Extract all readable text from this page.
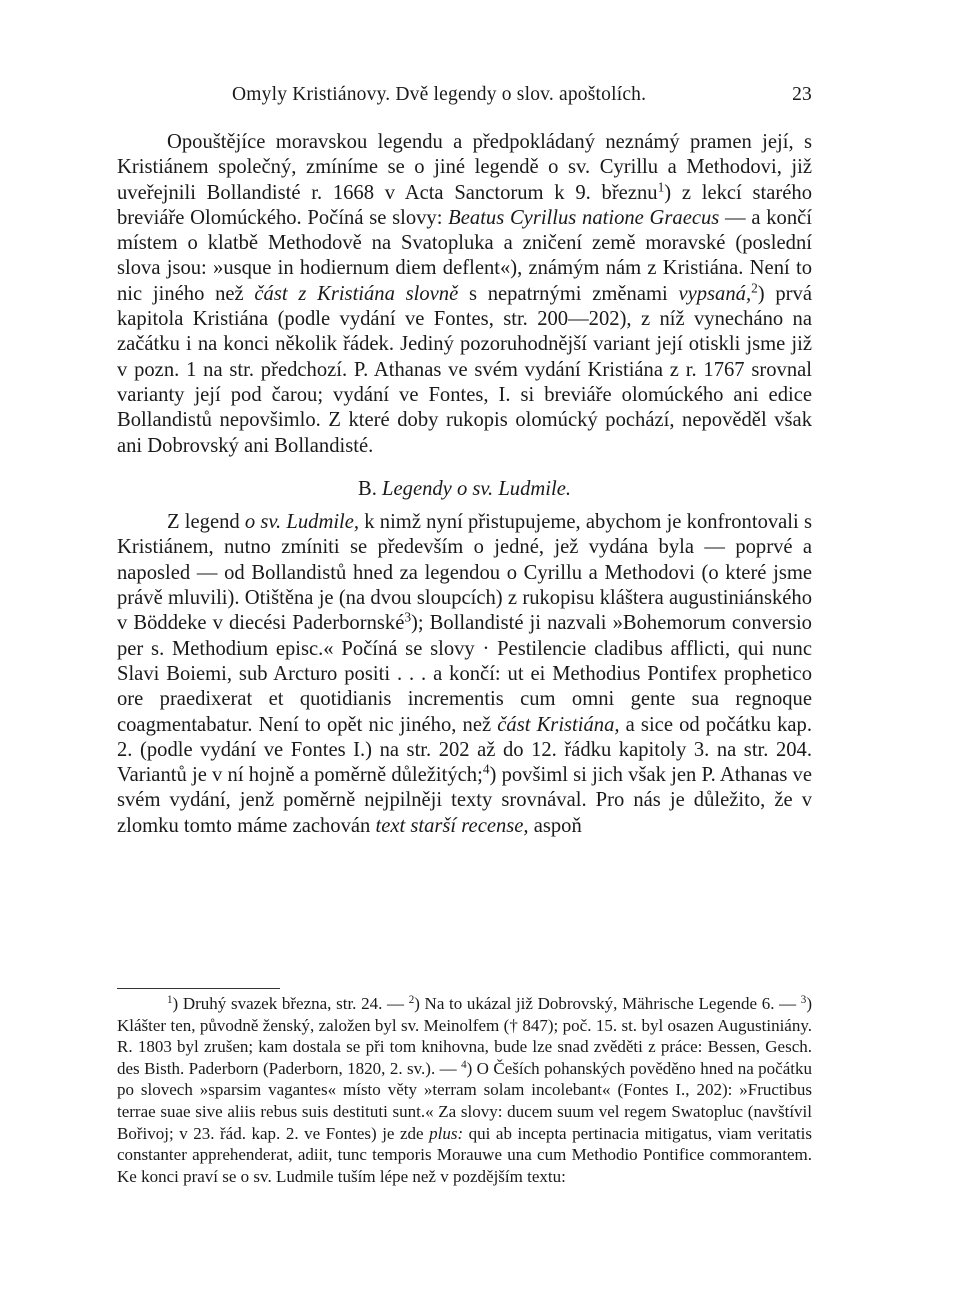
Omyly Kristiánovy. Dvě legendy o slov. apoštolích.	23

Opouštějíce moravskou legendu a předpokládaný neznámý pramen její, s Kristiánem společný, zmíníme se o jiné legendě o sv. Cyrillu a Methodovi, již uveřejnili Bollandisté r. 1668 v Acta Sanctorum k 9. březnu$^1$) z lekcí starého breviáře Olomúckého. Počíná se slovy: Beatus Cyrillus natione Graecus — a končí místem o klatbě Methodově na Svatopluka a zničení země moravské (poslední slova jsou: »usque in hodiernum diem deflent«), známým nám z Kristiána. Není to nic jiného než část z Kristiána slovně s nepatrnými změnami vypsaná,$^2$) prvá kapitola Kristiána (podle vydání ve Fontes, str. 200—202), z níž vynecháno na začátku i na konci několik řádek. Jediný pozoruhodnější variant její otiskli jsme již v pozn. 1 na str. předchozí. P. Athanas ve svém vydání Kristiána z r. 1767 srovnal varianty její pod čarou; vydání ve Fontes, I. si breviáře olomúckého ani edice Bollandistů nepovšimlo. Z které doby rukopis olomúcký pochází, nepověděl však ani Dobrovský ani Bollandisté.

B. Legendy o sv. Ludmile.

Z legend o sv. Ludmile, k nimž nyní přistupujeme, abychom je konfrontovali s Kristiánem, nutno zmíniti se především o jedné, jež vydána byla — poprvé a naposled — od Bollandistů hned za legendou o Cyrillu a Methodovi (o které jsme právě mluvili). Otištěna je (na dvou sloupcích) z rukopisu kláštera augustiniánského v Böddeke v diecési Paderbornské$^3$); Bollandisté ji nazvali »Bohemorum conversio per s. Methodium episc.« Počíná se slovy · Pestilencie cladibus afflicti, qui nunc Slavi Boiemi, sub Arcturo positi . . . a končí: ut ei Methodius Pontifex prophetico ore praedixerat et quotidianis incrementis cum omni gente sua regnoque coagmentabatur. Není to opět nic jiného, než část Kristiána, a sice od počátku kap. 2. (podle vydání ve Fontes I.) na str. 202 až do 12. řádku kapitoly 3. na str. 204. Variantů je v ní hojně a poměrně důležitých;$^4$) povšiml si jich však jen P. Athanas ve svém vydání, jenž poměrně nejpilněji texty srovnával. Pro nás je důležito, že v zlomku tomto máme zachován text starší recense, aspoň

$^1$) Druhý svazek března, str. 24. — $^2$) Na to ukázal již Dobrovský, Mährische Legende 6. — $^3$) Klášter ten, původně ženský, založen byl sv. Meinolfem († 847); poč. 15. st. byl osazen Augustiniány. R. 1803 byl zrušen; kam dostala se při tom knihovna, bude lze snad zvěděti z práce: Bessen, Gesch. des Bisth. Paderborn (Paderborn, 1820, 2. sv.). — $^4$) O Češích pohanských pověděno hned na počátku po slovech »sparsim vagantes« místo věty »terram solam incolebant« (Fontes I., 202): »Fructibus terrae suae sive aliis rebus suis destituti sunt.« Za slovy: ducem suum vel regem Swatopluc (navštívil Bořivoj; v 23. řád. kap. 2. ve Fontes) je zde plus: qui ab incepta pertinacia mitigatus, viam veritatis constanter apprehenderat, adiit, tunc temporis Morauwe una cum Methodio Pontifice commorantem. Ke konci praví se o sv. Ludmile tuším lépe než v pozdějším textu:
